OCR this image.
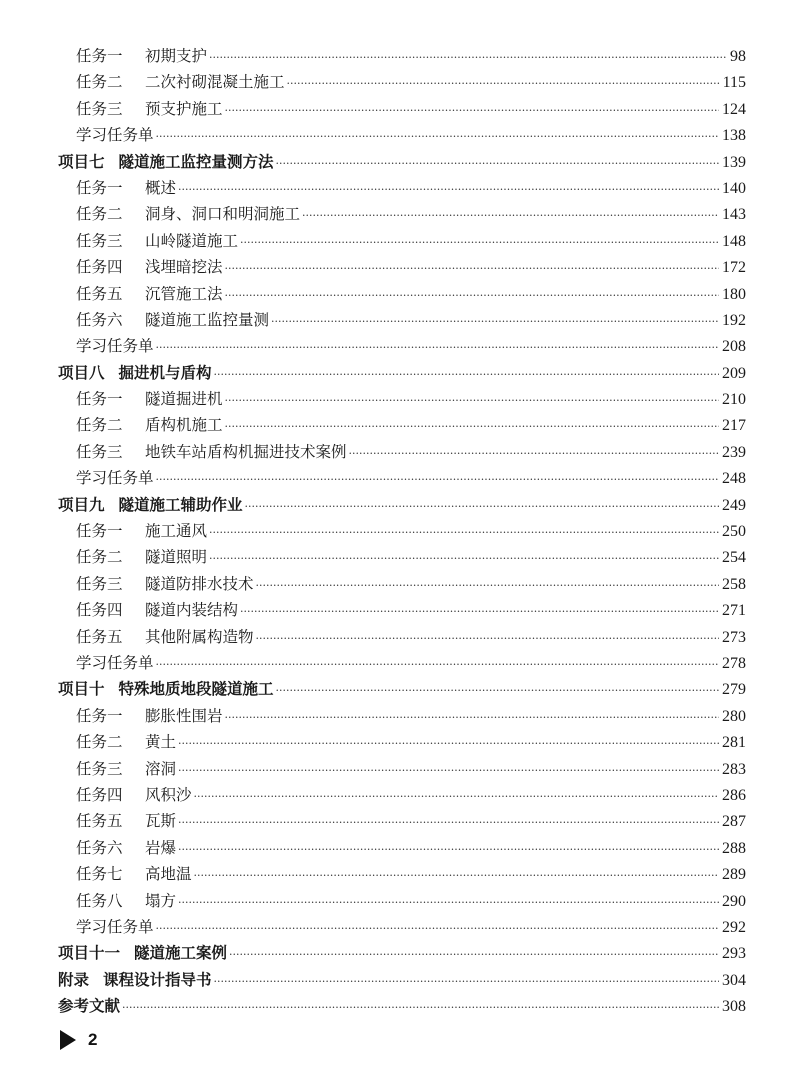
任务一 初期支护 ·····	98
任务二 二次衬砌混凝土施工 ·····	115
任务三 预支护施工 ·····	124
学习任务单 ·····	138
项目七 隧道施工监控量测方法 ·····	139
任务一 概述 ·····	140
任务二 洞身、洞口和明洞施工 ·····	143
任务三 山岭隧道施工 ·····	148
任务四 浅埋暗挖法 ·····	172
任务五 沉管施工法 ·····	180
任务六 隧道施工监控量测 ·····	192
学习任务单 ·····	208
项目八 掘进机与盾构 ·····	209
任务一 隧道掘进机 ·····	210
任务二 盾构机施工 ·····	217
任务三 地铁车站盾构机掘进技术案例 ·····	239
学习任务单 ·····	248
项目九 隧道施工辅助作业 ·····	249
任务一 施工通风 ·····	250
任务二 隧道照明 ·····	254
任务三 隧道防排水技术 ·····	258
任务四 隧道内装结构 ·····	271
任务五 其他附属构造物 ·····	273
学习任务单 ·····	278
项目十 特殊地质地段隧道施工 ·····	279
任务一 膨胀性围岩 ·····	280
任务二 黄土 ·····	281
任务三 溶洞 ·····	283
任务四 风积沙 ·····	286
任务五 瓦斯 ·····	287
任务六 岩爆 ·····	288
任务七 高地温 ·····	289
任务八 塌方 ·····	290
学习任务单 ·····	292
项目十一 隧道施工案例 ·····	293
附录 课程设计指导书 ·····	304
参考文献 ·····	308
2
